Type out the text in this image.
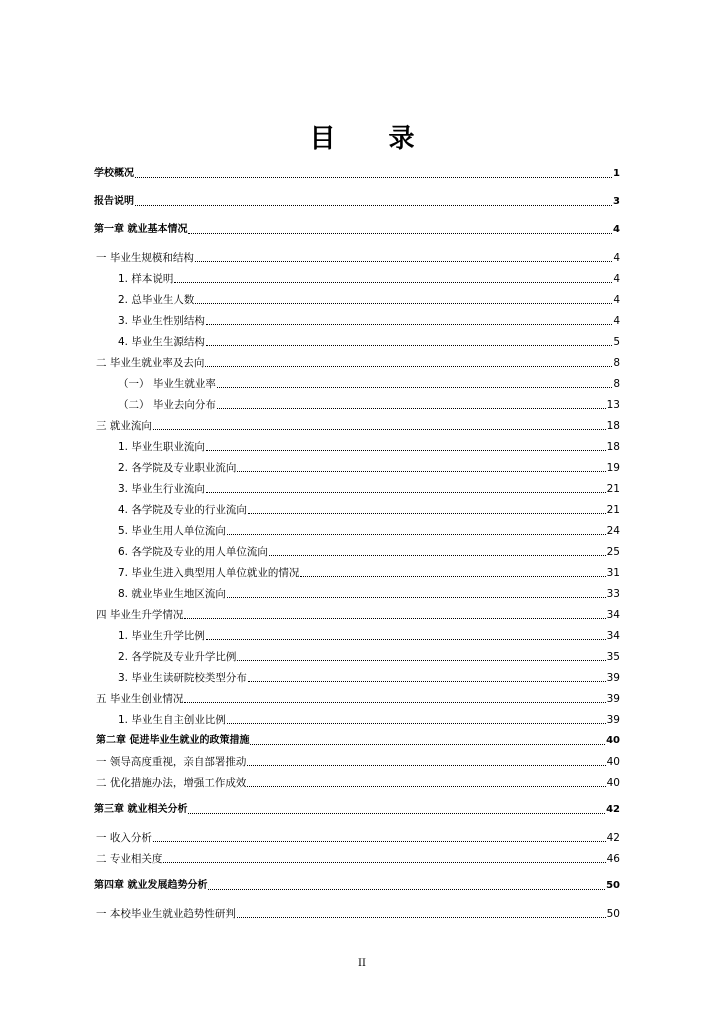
目 录
学校概况	1
报告说明	3
第一章 就业基本情况	4
一 毕业生规模和结构	4
1. 样本说明	4
2. 总毕业生人数	4
3. 毕业生性别结构	4
4. 毕业生生源结构	5
二 毕业生就业率及去向	8
（一） 毕业生就业率	8
（二） 毕业去向分布	13
三 就业流向	18
1. 毕业生职业流向	18
2. 各学院及专业职业流向	19
3. 毕业生行业流向	21
4. 各学院及专业的行业流向	21
5. 毕业生用人单位流向	24
6. 各学院及专业的用人单位流向	25
7. 毕业生进入典型用人单位就业的情况	31
8. 就业毕业生地区流向	33
四 毕业生升学情况	34
1. 毕业生升学比例	34
2. 各学院及专业升学比例	35
3. 毕业生读研院校类型分布	39
五 毕业生创业情况	39
1. 毕业生自主创业比例	39
第二章 促进毕业生就业的政策措施	40
一 领导高度重视，亲自部署推动	40
二 优化措施办法，增强工作成效	40
第三章 就业相关分析	42
一 收入分析	42
二 专业相关度	46
第四章 就业发展趋势分析	50
一 本校毕业生就业趋势性研判	50
II
